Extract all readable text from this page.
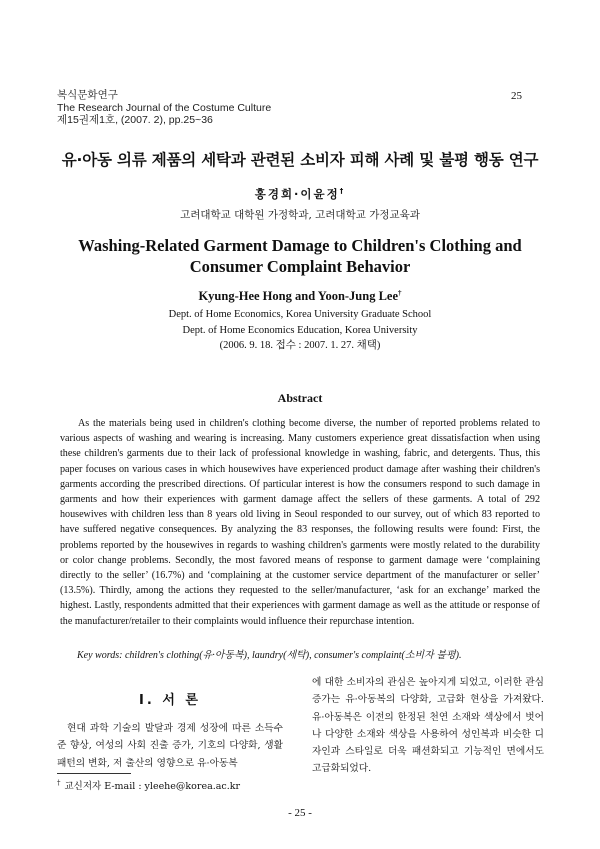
복식문화연구
The Research Journal of the Costume Culture
제15권제1호, (2007. 2), pp.25~36
25
유·아동 의류 제품의 세탁과 관련된 소비자 피해 사례 및 불평 행동 연구
홍경희·이윤정†
고려대학교 대학원 가정학과, 고려대학교 가정교육과
Washing-Related Garment Damage to Children's Clothing and
Consumer Complaint Behavior
Kyung-Hee Hong and Yoon-Jung Lee†
Dept. of Home Economics, Korea University Graduate School
Dept. of Home Economics Education, Korea University
(2006. 9. 18. 접수 : 2007. 1. 27. 채택)
Abstract

As the materials being used in children's clothing become diverse, the number of reported problems related to various aspects of washing and wearing is increasing. Many customers experience great dissatisfaction when using these children's garments due to their lack of professional knowledge in washing, fabric, and detergents. Thus, this paper focuses on various cases in which housewives have experienced product damage after washing their children's garments according the prescribed directions. Of particular interest is how the consumers respond to such damage in garments and how their experiences with garment damage affect the sellers of these garments. A total of 292 housewives with children less than 8 years old living in Seoul responded to our survey, out of which 83 reported to have suffered negative consequences. By analyzing the 83 responses, the following results were found: First, the problems reported by the housewives in regards to washing children's garments were mostly related to the durability or color change problems. Secondly, the most favored means of response to garment damage were ‘complaining directly to the seller’ (16.7%) and ‘complaining at the customer service department of the manufacturer or seller’ (13.5%). Thirdly, among the actions they requested to the seller/manufacturer, ‘ask for an exchange’ marked the highest. Lastly, respondents admitted that their experiences with garment damage as well as the attitude or response of the manufacturer/retailer to their complaints would influence their repurchase intention.

Key words: children's clothing(유·아동복), laundry(세탁), consumer's complaint(소비자 불평).
Ⅰ. 서 론

현대 과학 기술의 발달과 경제 성장에 따른 소득수준 향상, 여성의 사회 진출 증가, 기호의 다양화, 생활 패턴의 변화, 저 출산의 영향으로 유·아동복

에 대한 소비자의 관심은 높아지게 되었고, 이러한 관심 증가는 유·아동복의 다양화, 고급화 현상을 가져왔다. 유·아동복은 이전의 한정된 천연 소재와 색상에서 벗어나 다양한 소재와 색상을 사용하여 성인복과 비슷한 디자인과 스타일로 더욱 패션화되고 기능적인 면에서도 고급화되었다.

† 교신저자 E-mail : yleehe@korea.ac.kr
- 25 -
